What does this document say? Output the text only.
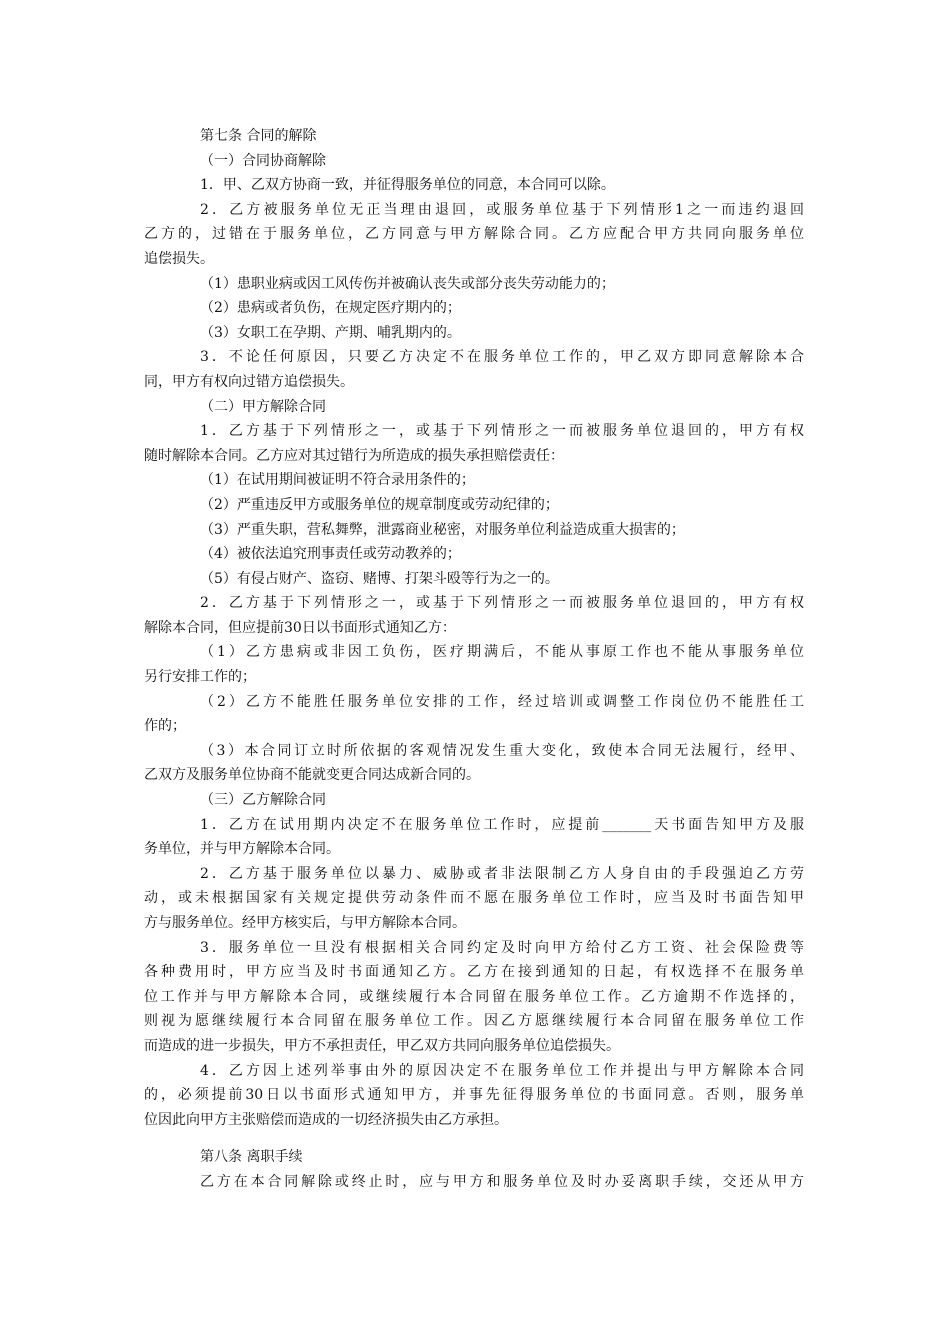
第七条 合同的解除
（一）合同协商解除
1．甲、乙双方协商一致，并征得服务单位的同意，本合同可以除。
2．乙方被服务单位无正当理由退回，或服务单位基于下列情形1之一而违约退回
乙方的，过错在于服务单位，乙方同意与甲方解除合同。乙方应配合甲方共同向服务单位
追偿损失。
（1）患职业病或因工风传伤并被确认丧失或部分丧失劳动能力的；
（2）患病或者负伤，在规定医疗期内的；
（3）女职工在孕期、产期、哺乳期内的。
3．不论任何原因，只要乙方决定不在服务单位工作的，甲乙双方即同意解除本合
同，甲方有权向过错方追偿损失。
（二）甲方解除合同
1．乙方基于下列情形之一，或基于下列情形之一而被服务单位退回的，甲方有权
随时解除本合同。乙方应对其过错行为所造成的损失承担赔偿责任：
（1）在试用期间被证明不符合录用条件的；
（2）严重违反甲方或服务单位的规章制度或劳动纪律的；
（3）严重失职，营私舞弊，泄露商业秘密，对服务单位利益造成重大损害的；
（4）被依法追究刑事责任或劳动教养的；
（5）有侵占财产、盗窃、赌博、打架斗殴等行为之一的。
2．乙方基于下列情形之一，或基于下列情形之一而被服务单位退回的，甲方有权
解除本合同，但应提前30日以书面形式通知乙方：
（1）乙方患病或非因工负伤，医疗期满后，不能从事原工作也不能从事服务单位
另行安排工作的；
（2）乙方不能胜任服务单位安排的工作，经过培训或调整工作岗位仍不能胜任工
作的；
（3）本合同订立时所依据的客观情况发生重大变化，致使本合同无法履行，经甲、
乙双方及服务单位协商不能就变更合同达成新合同的。
（三）乙方解除合同
1．乙方在试用期内决定不在服务单位工作时，应提前_______天书面告知甲方及服
务单位，并与甲方解除本合同。
2．乙方基于服务单位以暴力、威胁或者非法限制乙方人身自由的手段强迫乙方劳
动，或未根据国家有关规定提供劳动条件而不愿在服务单位工作时，应当及时书面告知甲
方与服务单位。经甲方核实后，与甲方解除本合同。
3．服务单位一旦没有根据相关合同约定及时向甲方给付乙方工资、社会保险费等
各种费用时，甲方应当及时书面通知乙方。乙方在接到通知的日起，有权选择不在服务单
位工作并与甲方解除本合同，或继续履行本合同留在服务单位工作。乙方逾期不作选择的，
则视为愿继续履行本合同留在服务单位工作。因乙方愿继续履行本合同留在服务单位工作
而造成的进一步损失，甲方不承担责任，甲乙双方共同向服务单位追偿损失。
4．乙方因上述列举事由外的原因决定不在服务单位工作并提出与甲方解除本合同
的，必须提前30日以书面形式通知甲方，并事先征得服务单位的书面同意。否则，服务单
位因此向甲方主张赔偿而造成的一切经济损失由乙方承担。
第八条 离职手续
乙方在本合同解除或终止时，应与甲方和服务单位及时办妥离职手续，交还从甲方
